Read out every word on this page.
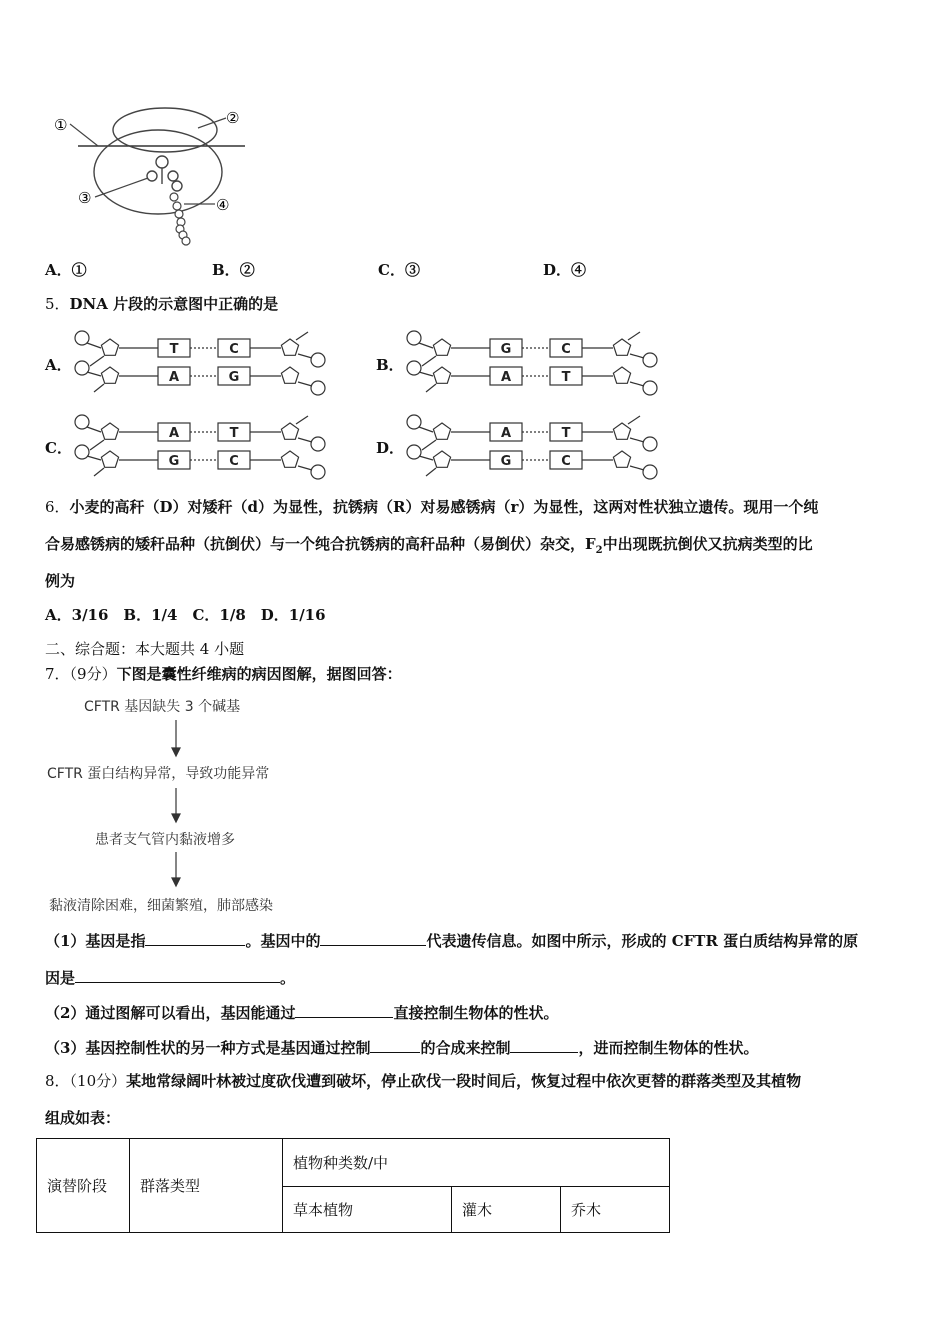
①	②
③	④
A．①	B．②	C．③	D．④
5．DNA 片段的示意图中正确的是
A．	B．
C．	D．
T	C
A	G
G	C
A	T
A	T
G	C
A	T
G	C
6．小麦的高秆（D）对矮秆（d）为显性，抗锈病（R）对易感锈病（r）为显性，这两对性状独立遗传。现用一个纯
合易感锈病的矮秆品种（抗倒伏）与一个纯合抗锈病的高秆品种（易倒伏）杂交，$F_2$中出现既抗倒伏又抗病类型的比
例为
A．3/16　B．1/4　C．1/8　D．1/16
二、综合题：本大题共 4 小题
7．（9分）下图是囊性纤维病的病因图解，据图回答：
CFTR 基因缺失 3 个碱基
CFTR 蛋白结构异常，导致功能异常
患者支气管内黏液增多
黏液清除困难，细菌繁殖，肺部感染
（1）基因是指	。基因中的	代表遗传信息。如图中所示，形成的 CFTR 蛋白质结构异常的原
因是	。
（2）通过图解可以看出，基因能通过	直接控制生物体的性状。
（3）基因控制性状的另一种方式是基因通过控制	的合成来控制	，进而控制生物体的性状。
8．（10分）某地常绿阔叶林被过度砍伐遭到破坏，停止砍伐一段时间后，恢复过程中依次更替的群落类型及其植物
组成如表：
演替阶段	群落类型	植物种类数/中		
		草本植物	灌木	乔木
